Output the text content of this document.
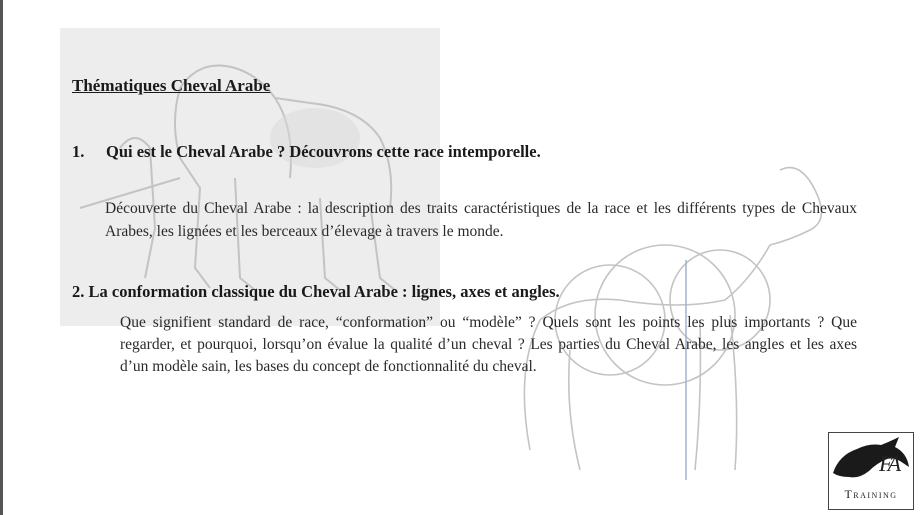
Thématiques Cheval Arabe
1. Qui est le Cheval Arabe ? Découvrons cette race intemporelle.
Découverte du Cheval Arabe : la description des traits caractéristiques de la race et les différents types de Chevaux Arabes, les lignées et les berceaux d’élevage à travers le monde.
2. La conformation classique du Cheval Arabe : lignes, axes et angles.
Que signifient standard de race, “conformation” ou “modèle” ? Quels sont les points les plus importants ? Que regarder, et pourquoi, lorsqu’on évalue la qualité d’un cheval ? Les parties du Cheval Arabe, les angles et les axes d’un modèle sain, les bases du concept de fonctionnalité du cheval.
FA
Training
